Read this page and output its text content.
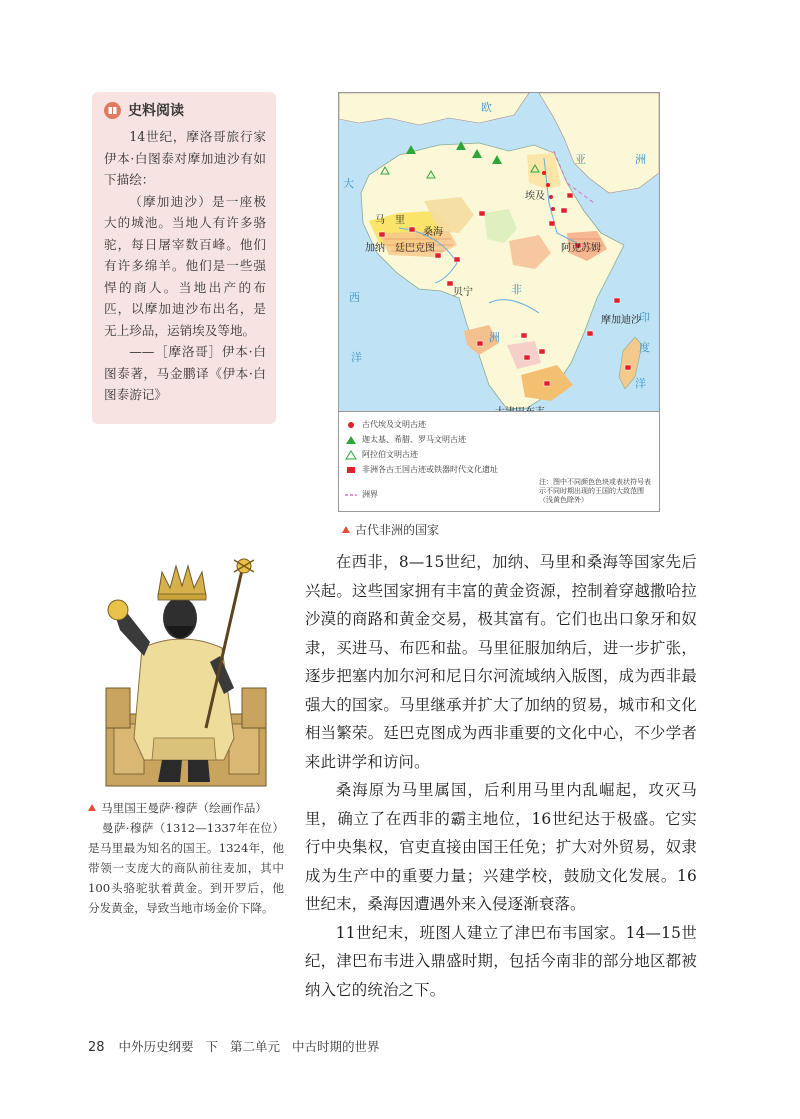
史料阅读

14世纪，摩洛哥旅行家伊本·白图泰对摩加迪沙有如下描绘：

（摩加迪沙）是一座极大的城池。当地人有许多骆驼，每日屠宰数百峰。他们有许多绵羊。他们是一些强悍的商人。当地出产的布匹，以摩加迪沙布出名，是无上珍品，运销埃及等地。

——［摩洛哥］伊本·白图泰著，马金鹏译《伊本·白图泰游记》

欧
亚	洲
大
西
洋
印
度
洋
非
洲
马　里
桑海
加纳 廷巴克图
埃及
阿克苏姆
贝宁
摩加迪沙
古代埃及文明古迹
迦太基、希腊、罗马文明古迹
阿拉伯文明古迹
非洲各古王国古迹或铁器时代文化遗址
洲界
注：图中不同颜色色块或表状符号表示不同时期出现的王国的大致范围（浅黄色除外）
古代非洲的国家
马里国王曼萨·穆萨（绘画作品）
曼萨·穆萨（1312—1337年在位）是马里最为知名的国王。1324年，他带领一支庞大的商队前往麦加，其中100头骆驼驮着黄金。到开罗后，他分发黄金，导致当地市场金价下降。

在西非，8—15世纪，加纳、马里和桑海等国家先后兴起。这些国家拥有丰富的黄金资源，控制着穿越撒哈拉沙漠的商路和黄金交易，极其富有。它们也出口象牙和奴隶，买进马、布匹和盐。马里征服加纳后，进一步扩张，逐步把塞内加尔河和尼日尔河流域纳入版图，成为西非最强大的国家。马里继承并扩大了加纳的贸易，城市和文化相当繁荣。廷巴克图成为西非重要的文化中心，不少学者来此讲学和访问。

桑海原为马里属国，后利用马里内乱崛起，攻灭马里，确立了在西非的霸主地位，16世纪达于极盛。它实行中央集权，官吏直接由国王任免；扩大对外贸易，奴隶成为生产中的重要力量；兴建学校，鼓励文化发展。16世纪末，桑海因遭遇外来入侵逐渐衰落。

11世纪末，班图人建立了津巴布韦国家。14—15世纪，津巴布韦进入鼎盛时期，包括今南非的部分地区都被纳入它的统治之下。

28 中外历史纲要 下 第二单元 中古时期的世界
